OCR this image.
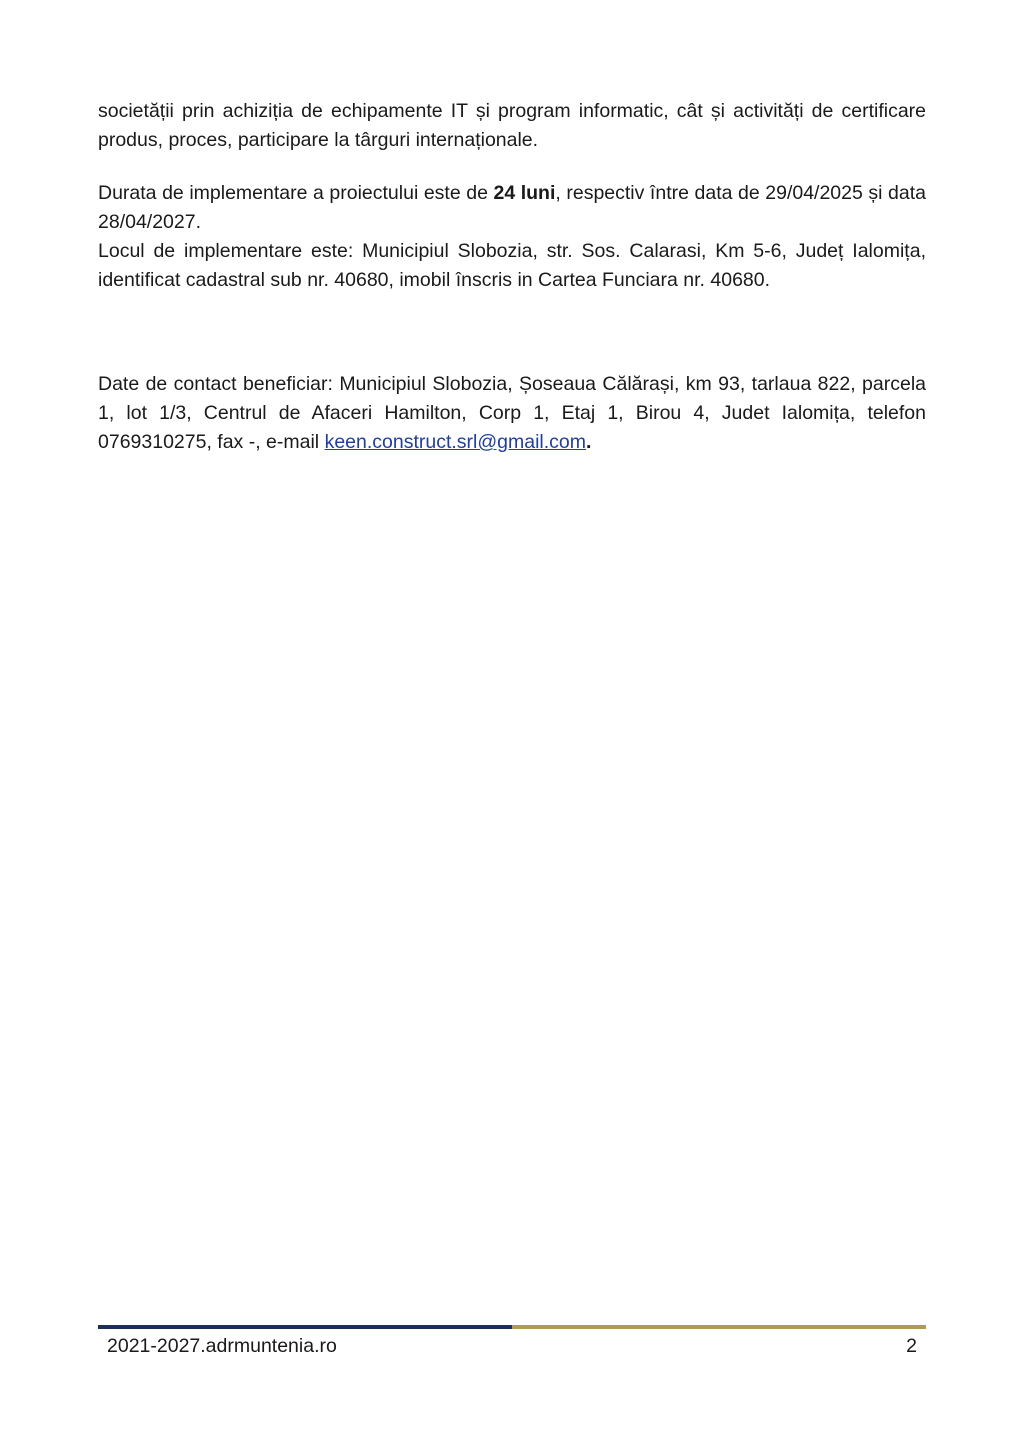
societății prin achiziția de echipamente IT și program informatic, cât și activități de certificare produs, proces, participare la târguri internaționale.

Durata de implementare a proiectului este de 24 luni, respectiv între data de 29/04/2025 și data 28/04/2027.
Locul de implementare este: Municipiul Slobozia, str. Sos. Calarasi, Km 5-6, Județ Ialomița, identificat cadastral sub nr. 40680, imobil înscris in Cartea Funciara nr. 40680.

Date de contact beneficiar: Municipiul Slobozia, Șoseaua Călărași, km 93, tarlaua 822, parcela 1, lot 1/3, Centrul de Afaceri Hamilton, Corp 1, Etaj 1, Birou 4, Judet Ialomița, telefon 0769310275, fax -, e-mail keen.construct.srl@gmail.com.

2021-2027.adrmuntenia.ro	2
